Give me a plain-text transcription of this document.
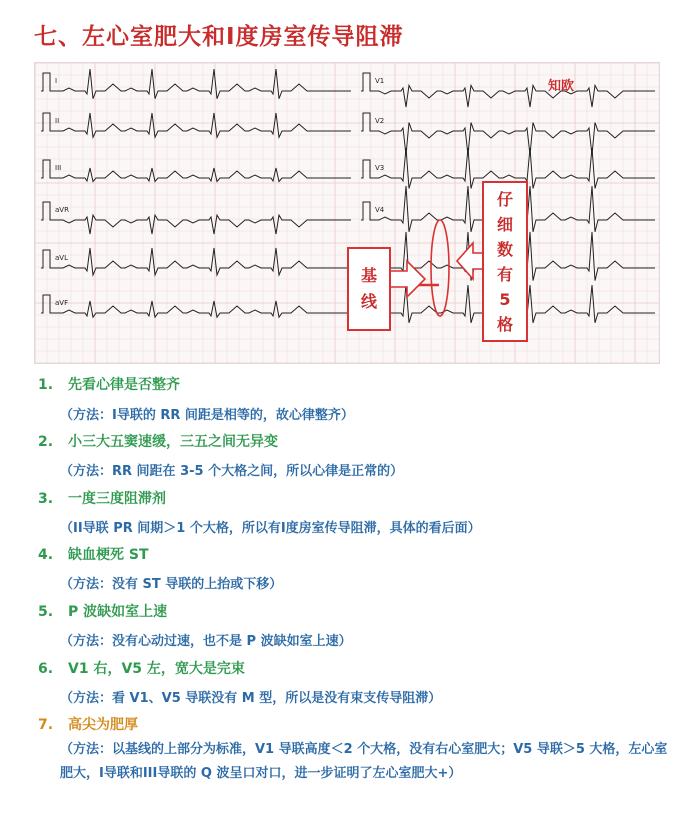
七、左心室肥大和I度房室传导阻滞
I	V1
II	V2
III	V3
aVR	V4
aVL
aVF
知欧
基
线
仔
细
数
有
5
格
1. 先看心律是否整齐
（方法：I导联的 RR 间距是相等的，故心律整齐）
2. 小三大五窦速缓，三五之间无异变
（方法：RR 间距在 3-5 个大格之间，所以心律是正常的）
3. 一度三度阻滞剂
（II导联 PR 间期＞1 个大格，所以有I度房室传导阻滞，具体的看后面）
4. 缺血梗死 ST
（方法：没有 ST 导联的上抬或下移）
5. P 波缺如室上速
（方法：没有心动过速，也不是 P 波缺如室上速）
6. V1 右，V5 左，宽大是完束
（方法：看 V1、V5 导联没有 M 型，所以是没有束支传导阻滞）
7. 高尖为肥厚
（方法：以基线的上部分为标准，V1 导联高度＜2 个大格，没有右心室肥大；V5 导联＞5 大格，左心室肥大，I导联和III导联的 Q 波呈口对口，进一步证明了左心室肥大+）
